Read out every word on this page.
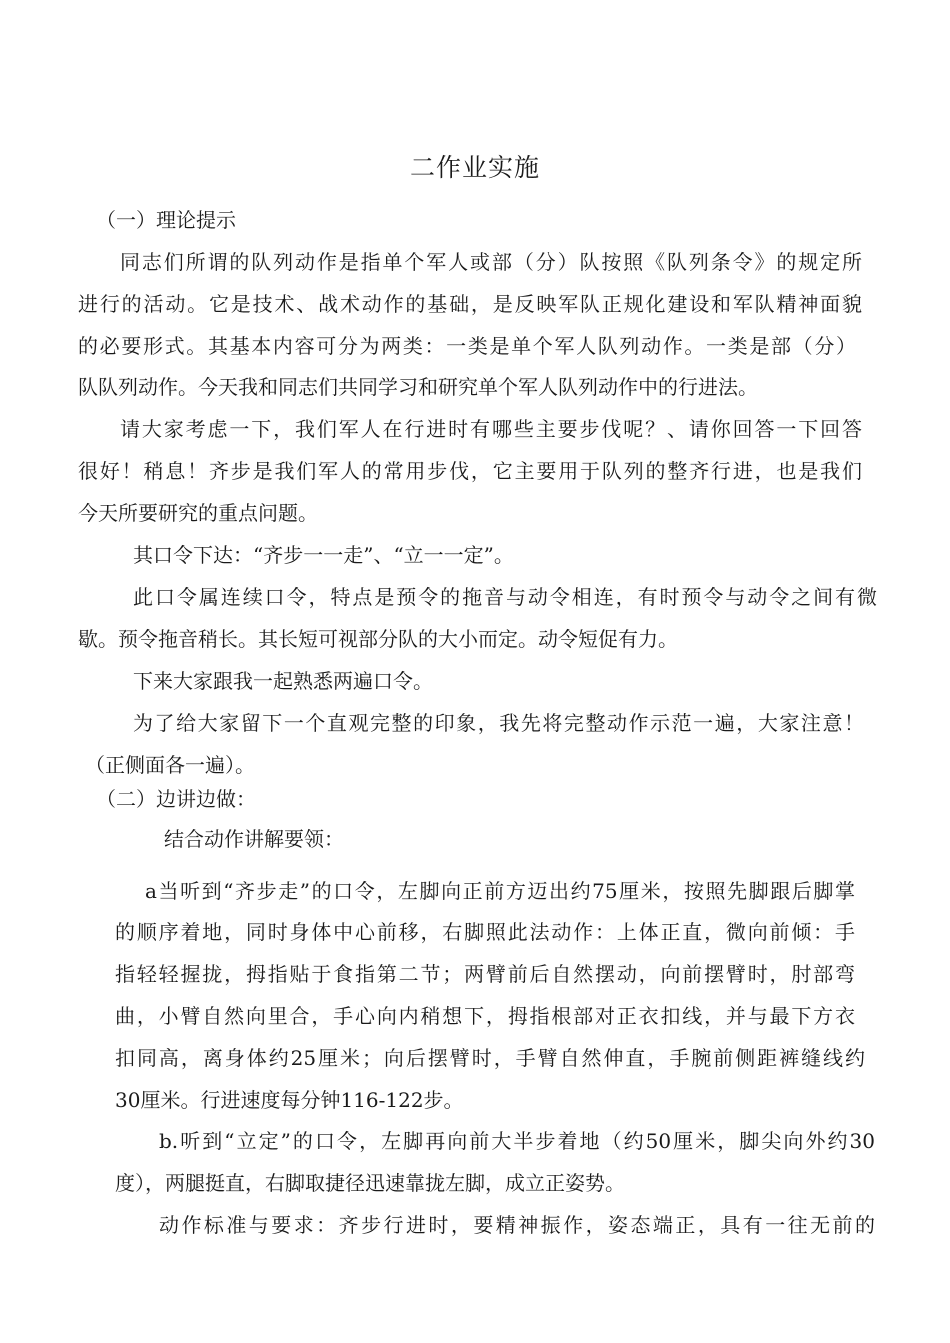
二作业实施
（一）理论提示
同志们所谓的队列动作是指单个军人或部（分）队按照《队列条令》的规定所
进行的活动。它是技术、战术动作的基础，是反映军队正规化建设和军队精神面貌
的必要形式。其基本内容可分为两类：一类是单个军人队列动作。一类是部（分）
队队列动作。今天我和同志们共同学习和研究单个军人队列动作中的行进法。
请大家考虑一下，我们军人在行进时有哪些主要步伐呢？、请你回答一下回答
很好！稍息！齐步是我们军人的常用步伐，它主要用于队列的整齐行进，也是我们
今天所要研究的重点问题。
其口令下达：“齐步一一走”、“立一一定”。
此口令属连续口令，特点是预令的拖音与动令相连，有时预令与动令之间有微
歇。预令拖音稍长。其长短可视部分队的大小而定。动令短促有力。
下来大家跟我一起熟悉两遍口令。
为了给大家留下一个直观完整的印象，我先将完整动作示范一遍，大家注意！
（正侧面各一遍）。
（二）边讲边做：
结合动作讲解要领：
a当听到“齐步走”的口令，左脚向正前方迈出约75厘米，按照先脚跟后脚掌
的顺序着地，同时身体中心前移，右脚照此法动作：上体正直，微向前倾：手
指轻轻握拢，拇指贴于食指第二节；两臂前后自然摆动，向前摆臂时，肘部弯
曲，小臂自然向里合，手心向内稍想下，拇指根部对正衣扣线，并与最下方衣
扣同高，离身体约25厘米；向后摆臂时，手臂自然伸直，手腕前侧距裤缝线约
30厘米。行进速度每分钟116-122步。
b.听到“立定”的口令，左脚再向前大半步着地（约50厘米，脚尖向外约30
度），两腿挺直，右脚取捷径迅速靠拢左脚，成立正姿势。
动作标准与要求：齐步行进时，要精神振作，姿态端正，具有一往无前的
